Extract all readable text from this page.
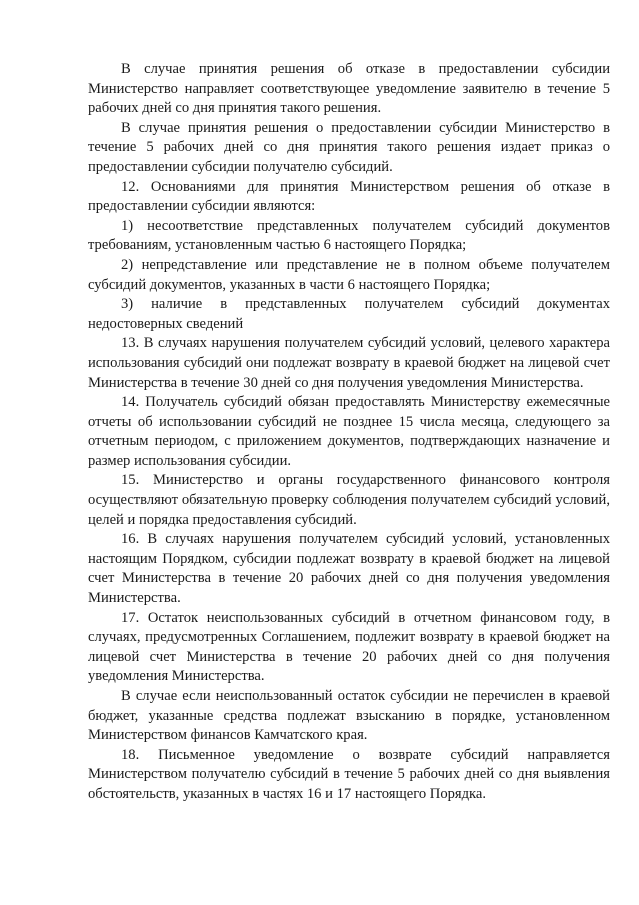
В случае принятия решения об отказе в предоставлении субсидии Министерство направляет соответствующее уведомление заявителю в течение 5 рабочих дней со дня принятия такого решения.

В случае принятия решения о предоставлении субсидии Министерство в течение 5 рабочих дней со дня принятия такого решения издает приказ о предоставлении субсидии получателю субсидий.

12. Основаниями для принятия Министерством решения об отказе в предоставлении субсидии являются:

1) несоответствие представленных получателем субсидий документов требованиям, установленным частью 6 настоящего Порядка;

2) непредставление или представление не в полном объеме получателем субсидий документов, указанных в части 6 настоящего Порядка;

3) наличие в представленных получателем субсидий документах недостоверных сведений

13. В случаях нарушения получателем субсидий условий, целевого характера использования субсидий они подлежат возврату в краевой бюджет на лицевой счет Министерства в течение 30 дней со дня получения уведомления Министерства.

14. Получатель субсидий обязан предоставлять Министерству ежемесячные отчеты об использовании субсидий не позднее 15 числа месяца, следующего за отчетным периодом, с приложением документов, подтверждающих назначение и размер использования субсидии.

15. Министерство и органы государственного финансового контроля осуществляют обязательную проверку соблюдения получателем субсидий условий, целей и порядка предоставления субсидий.

16. В случаях нарушения получателем субсидий условий, установленных настоящим Порядком, субсидии подлежат возврату в краевой бюджет на лицевой счет Министерства в течение 20 рабочих дней со дня получения уведомления Министерства.

17. Остаток неиспользованных субсидий в отчетном финансовом году, в случаях, предусмотренных Соглашением, подлежит возврату в краевой бюджет на лицевой счет Министерства в течение 20 рабочих дней со дня получения уведомления Министерства.

В случае если неиспользованный остаток субсидии не перечислен в краевой бюджет, указанные средства подлежат взысканию в порядке, установленном Министерством финансов Камчатского края.

18. Письменное уведомление о возврате субсидий направляется Министерством получателю субсидий в течение 5 рабочих дней со дня выявления обстоятельств, указанных в частях 16 и 17 настоящего Порядка.
